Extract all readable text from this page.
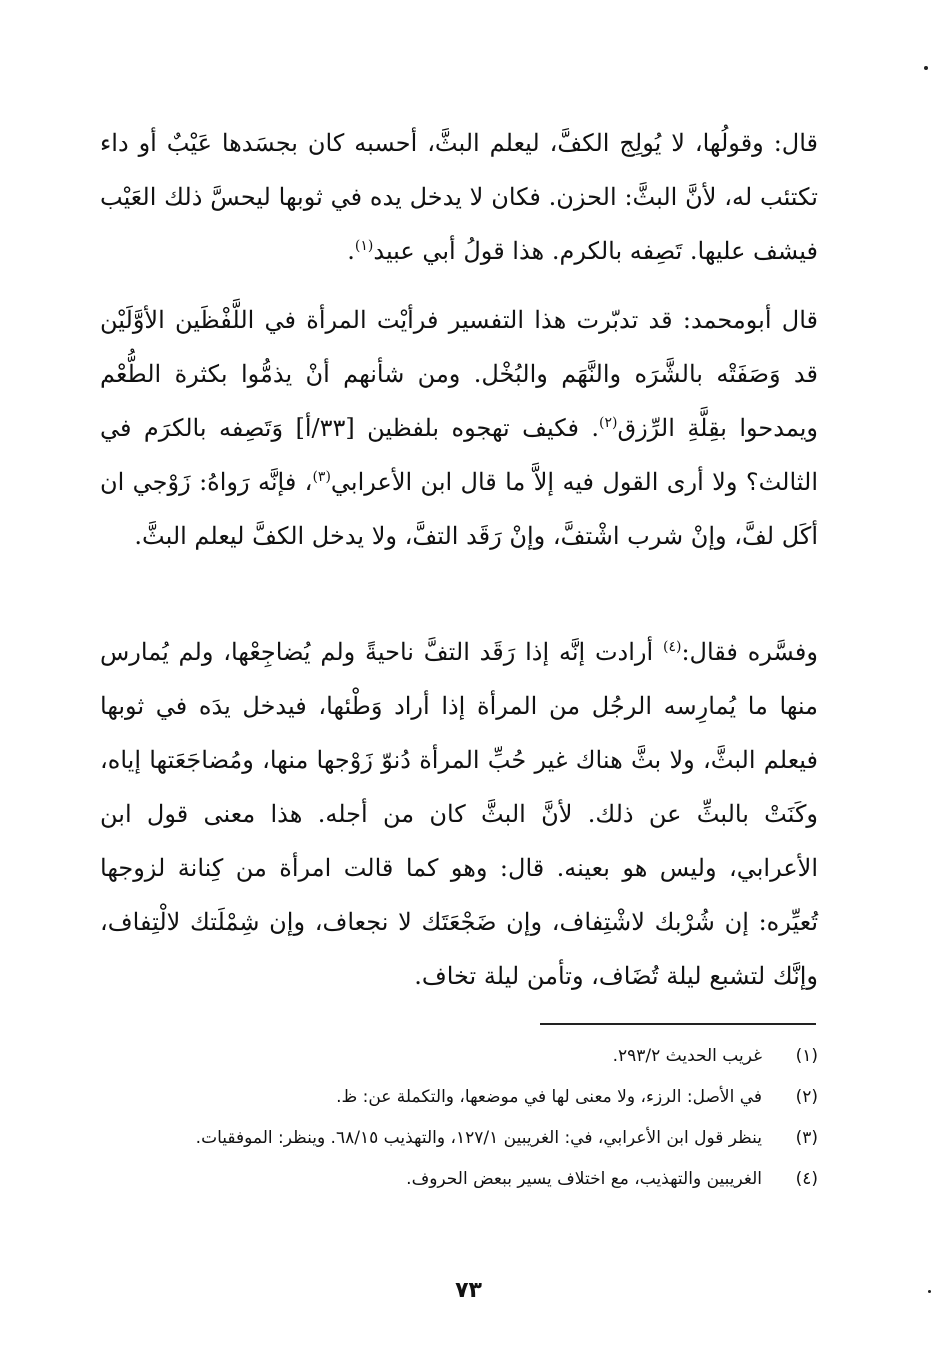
قال: وقولُها، لا يُولِج الكفَّ، ليعلم البثَّ، أحسبه كان بجسَدها عَيْبٌ أو داء تكتئب له، لأنَّ البثَّ: الحزن. فكان لا يدخل يده في ثوبها ليحسَّ ذلك العَيْب فيشف عليها. تَصِفه بالكرم. هذا قولُ أبي عبيد$^{(١)}$.

قال أبومحمد: قد تدبّرت هذا التفسير فرأيْت المرأة في اللَّفْظَين الأوَّلَيْن قد وَصَفَتْه بالشَّرَه والنَّهَم والبُخْل. ومن شأنهم أنْ يذمُّوا بكثرة الطُّعْم ويمدحوا بقِلَّةِ الرِّزق$^{(٢)}$. فكيف تهجوه بلفظين [٣٣/أ] وَتَصِفه بالكرَم في الثالث؟ ولا أرى القول فيه إلاَّ ما قال ابن الأعرابي$^{(٣)}$، فإنَّه رَواهُ: زَوْجي ان أكَل لفَّ، وإنْ شرب اشْتفَّ، وإنْ رَقَد التفَّ، ولا يدخل الكفَّ ليعلم البثَّ.

وفسَّره فقال:$^{(٤)}$ أرادت إنَّه إذا رَقَد التفَّ ناحيةً ولم يُضاجِعْها، ولم يُمارس منها ما يُمارِسه الرجُل من المرأة إذا أراد وَطْئها، فيدخل يدَه في ثوبها فيعلم البثَّ، ولا بثَّ هناك غير حُبِّ المرأة دُنوّ زَوْجها منها، ومُضاجَعَتها إياه، وكَنَتْ بالبثِّ عن ذلك. لأنَّ البثَّ كان من أجله. هذا معنى قول ابن الأعرابي، وليس هو بعينه. قال: وهو كما قالت امرأة من كِنانة لزوجها تُعيِّره: إن شُرْبك لاشْتِفاف، وإن ضَجْعَتَك لا نجعاف، وإن شِمْلَتك لالْتِفاف، وإنَّك لتشبع ليلة تُضَاف، وتأمن ليلة تخاف.

(١)
غريب الحديث ٢٩٣/٢.
(٢)
في الأصل: الرزء، ولا معنى لها في موضعها، والتكملة عن: ظ.
(٣)
ينظر قول ابن الأعرابي، في: الغريبين ١٢٧/١، والتهذيب ٦٨/١٥. وينظر: الموفقيات.
(٤)
الغريبين والتهذيب، مع اختلاف يسير ببعض الحروف.
٧٣
